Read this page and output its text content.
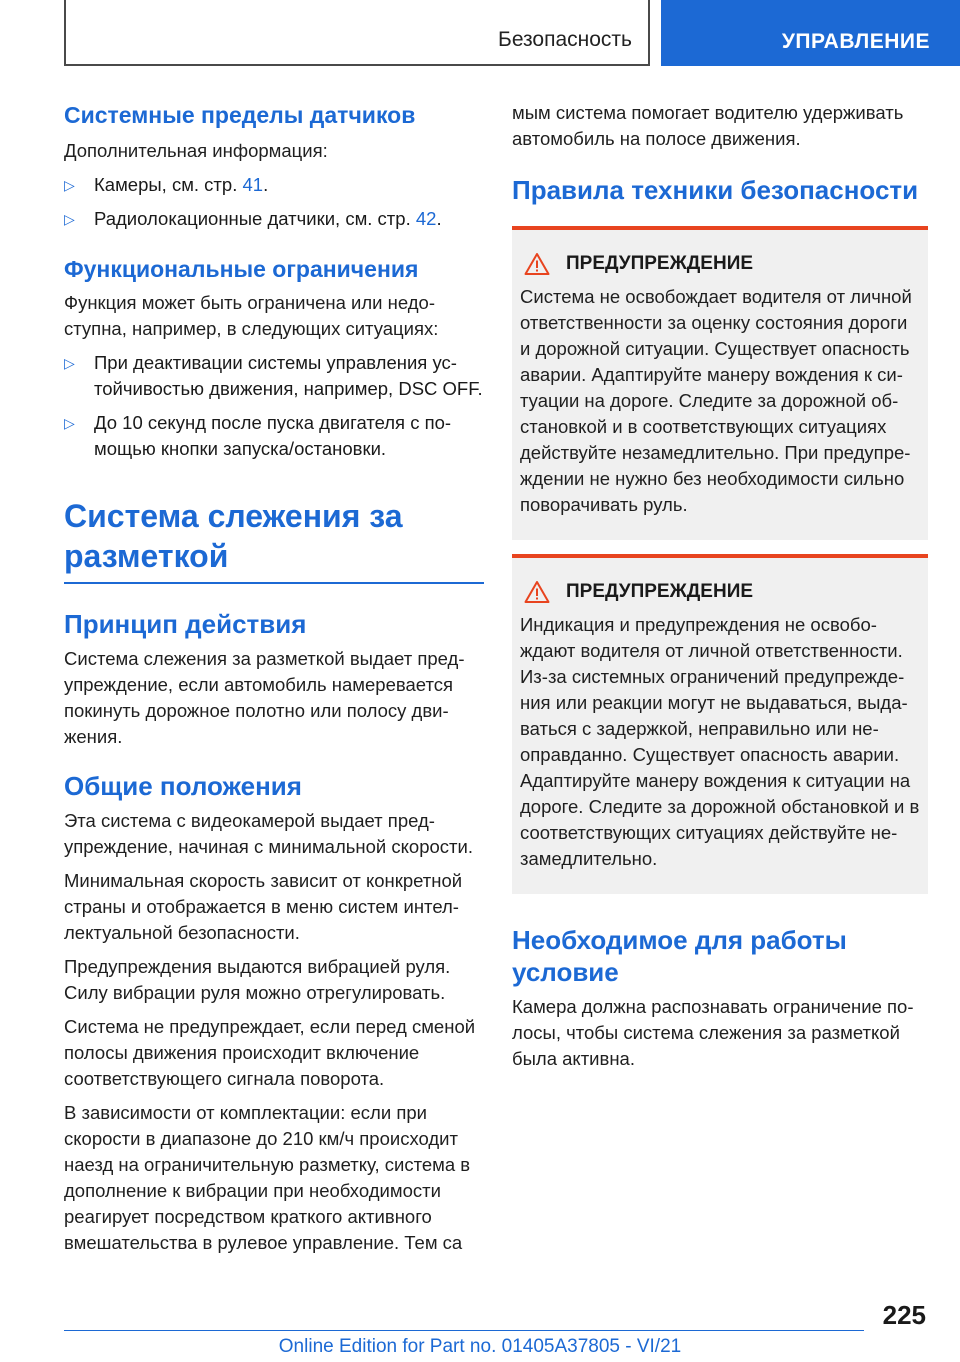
Безопасность	УПРАВЛЕНИЕ
Системные пределы датчиков

Дополнительная информация:

▷ Камеры, см. стр. 41.
▷ Радиолокационные датчики, см. стр. 42.
Функциональные ограничения

Функция может быть ограничена или недоступна, например, в следующих ситуациях:

▷ При деактивации системы управления устойчивостью движения, например, DSC OFF.
▷ До 10 секунд после пуска двигателя с помощью кнопки запуска/остановки.
Система слежения за
разметкой
Принцип действия

Система слежения за разметкой выдает предупреждение, если автомобиль намеревается покинуть дорожное полотно или полосу движения.

Общие положения

Эта система с видеокамерой выдает предупреждение, начиная с минимальной скорости.

Минимальная скорость зависит от конкретной страны и отображается в меню систем интеллектуальной безопасности.

Предупреждения выдаются вибрацией руля. Силу вибрации руля можно отрегулировать.

Система не предупреждает, если перед сменой полосы движения происходит включение соответствующего сигнала поворота.

В зависимости от комплектации: если при скорости в диапазоне до 210 км/ч происходит наезд на ограничительную разметку, система в дополнение к вибрации при необходимости реагирует посредством краткого активного вмешательства в рулевое управление. Тем са

мым система помогает водителю удерживать автомобиль на полосе движения.

Правила техники безопасности
ПРЕДУПРЕЖДЕНИЕ

Система не освобождает водителя от личной ответственности за оценку состояния дороги и дорожной ситуации. Существует опасность аварии. Адаптируйте манеру вождения к ситуации на дороге. Следите за дорожной обстановкой и в соответствующих ситуациях действуйте незамедлительно. При предупреждении не нужно без необходимости сильно поворачивать руль.

ПРЕДУПРЕЖДЕНИЕ

Индикация и предупреждения не освобождают водителя от личной ответственности. Из-за системных ограничений предупреждения или реакции могут не выдаваться, выдаваться с задержкой, неправильно или неоправданно. Существует опасность аварии. Адаптируйте манеру вождения к ситуации на дороге. Следите за дорожной обстановкой и в соответствующих ситуациях действуйте незамедлительно.

Необходимое для работы условие

Камера должна распознавать ограничение полосы, чтобы система слежения за разметкой была активна.

225
Online Edition for Part no. 01405A37805 - VI/21
